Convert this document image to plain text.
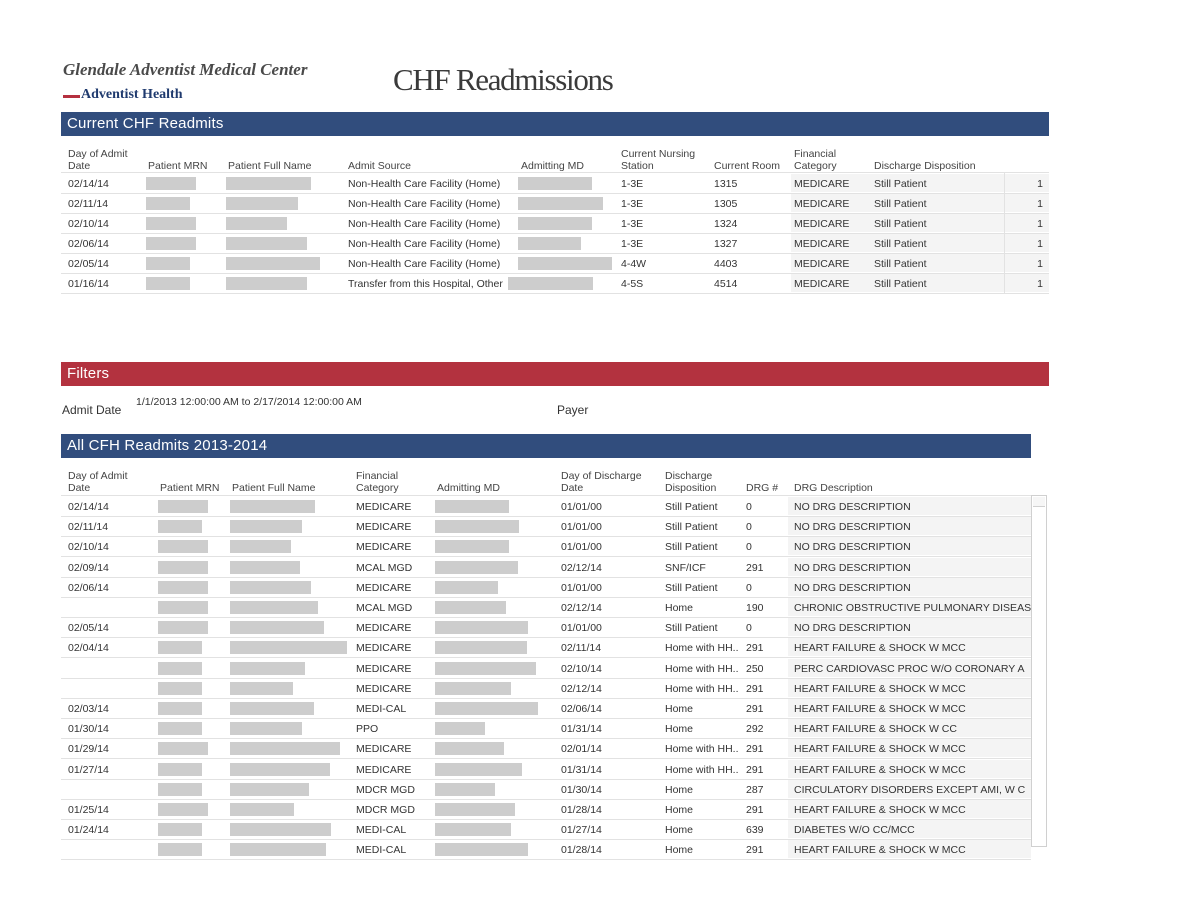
Glendale Adventist Medical Center
Adventist Health	CHF Readmissions
Current CHF Readmits
Day of Admit Date	Patient MRN Patient Full Name	Admit Source	Admitting MD
Current Nursing Station	Current Room
Financial Category	Discharge Disposition
02/14/14	Non-Health Care Facility (Home)	1-3E	1315	MEDICARE Still Patient	1
02/11/14	Non-Health Care Facility (Home)	1-3E	1305	MEDICARE Still Patient	1
02/10/14	Non-Health Care Facility (Home)	1-3E	1324	MEDICARE Still Patient	1
02/06/14	Non-Health Care Facility (Home)	1-3E	1327	MEDICARE Still Patient	1
02/05/14	Non-Health Care Facility (Home)	4-4W	4403	MEDICARE Still Patient	1
01/16/14	Transfer from this Hospital, Other	4-5S	4514	MEDICARE Still Patient	1
Filters
Admit Date
1/1/2013 12:00:00 AM to 2/17/2014 12:00:00 AM
Payer
All CFH Readmits 2013-2014
Day of Admit Date	Patient MRN Patient Full Name
Financial Category	Admitting MD
Day of Discharge Date
Discharge Disposition	DRG # DRG Description
02/14/14	MEDICARE	01/01/00	Still Patient	0	NO DRG DESCRIPTION
02/11/14	MEDICARE	01/01/00	Still Patient	0	NO DRG DESCRIPTION
02/10/14	MEDICARE	01/01/00	Still Patient	0	NO DRG DESCRIPTION
02/09/14	MCAL MGD	02/12/14	SNF/ICF	291	NO DRG DESCRIPTION
02/06/14	MEDICARE	01/01/00	Still Patient	0	NO DRG DESCRIPTION
MCAL MGD	02/12/14	Home	190	CHRONIC OBSTRUCTIVE PULMONARY DISEAS
02/05/14	MEDICARE	01/01/00	Still Patient	0	NO DRG DESCRIPTION
02/04/14	MEDICARE	02/11/14	Home with HH.. 291	HEART FAILURE & SHOCK W MCC
MEDICARE	02/10/14	Home with HH.. 250	PERC CARDIOVASC PROC W/O CORONARY A
MEDICARE	02/12/14	Home with HH.. 291	HEART FAILURE & SHOCK W MCC
02/03/14	MEDI-CAL	02/06/14	Home	291	HEART FAILURE & SHOCK W MCC
01/30/14	PPO	01/31/14	Home	292	HEART FAILURE & SHOCK W CC
01/29/14	MEDICARE	02/01/14	Home with HH.. 291	HEART FAILURE & SHOCK W MCC
01/27/14	MEDICARE	01/31/14	Home with HH.. 291	HEART FAILURE & SHOCK W MCC
MDCR MGD	01/30/14	Home	287	CIRCULATORY DISORDERS EXCEPT AMI, W C
01/25/14	MDCR MGD	01/28/14	Home	291	HEART FAILURE & SHOCK W MCC
01/24/14	MEDI-CAL	01/27/14	Home	639	DIABETES W/O CC/MCC
MEDI-CAL	01/28/14	Home	291	HEART FAILURE & SHOCK W MCC
